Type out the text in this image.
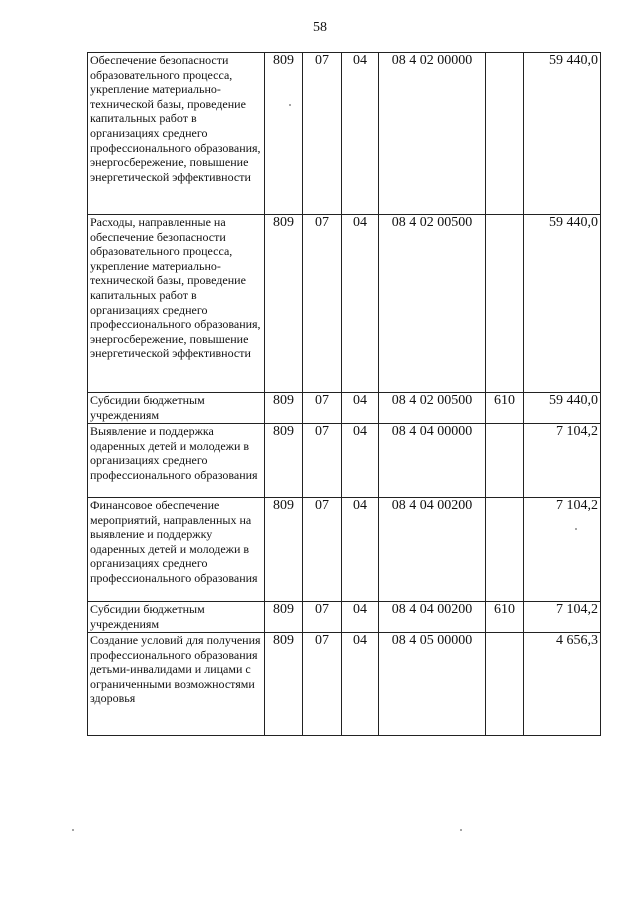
58
Обеспечение безопасности образовательного процесса, укрепление материально-технической базы, проведение капитальных работ в организациях среднего профессионального образования, энергосбережение, повышение энергетической эффективности	809	07	04	08 4 02 00000		59 440,0
Расходы, направленные на обеспечение безопасности образовательного процесса, укрепление материально-технической базы, проведение капитальных работ в организациях среднего профессионального образования, энергосбережение, повышение энергетической эффективности	809	07	04	08 4 02 00500		59 440,0
Субсидии бюджетным учреждениям	809	07	04	08 4 02 00500	610	59 440,0
Выявление и поддержка одаренных детей и молодежи в организациях среднего профессионального образования	809	07	04	08 4 04 00000		7 104,2
Финансовое обеспечение мероприятий, направленных на выявление и поддержку одаренных детей и молодежи в организациях среднего профессионального образования	809	07	04	08 4 04 00200		7 104,2
Субсидии бюджетным учреждениям	809	07	04	08 4 04 00200	610	7 104,2
Создание условий для получения профессионального образования детьми-инвалидами и лицами с ограниченными возможностями здоровья	809	07	04	08 4 05 00000		4 656,3
